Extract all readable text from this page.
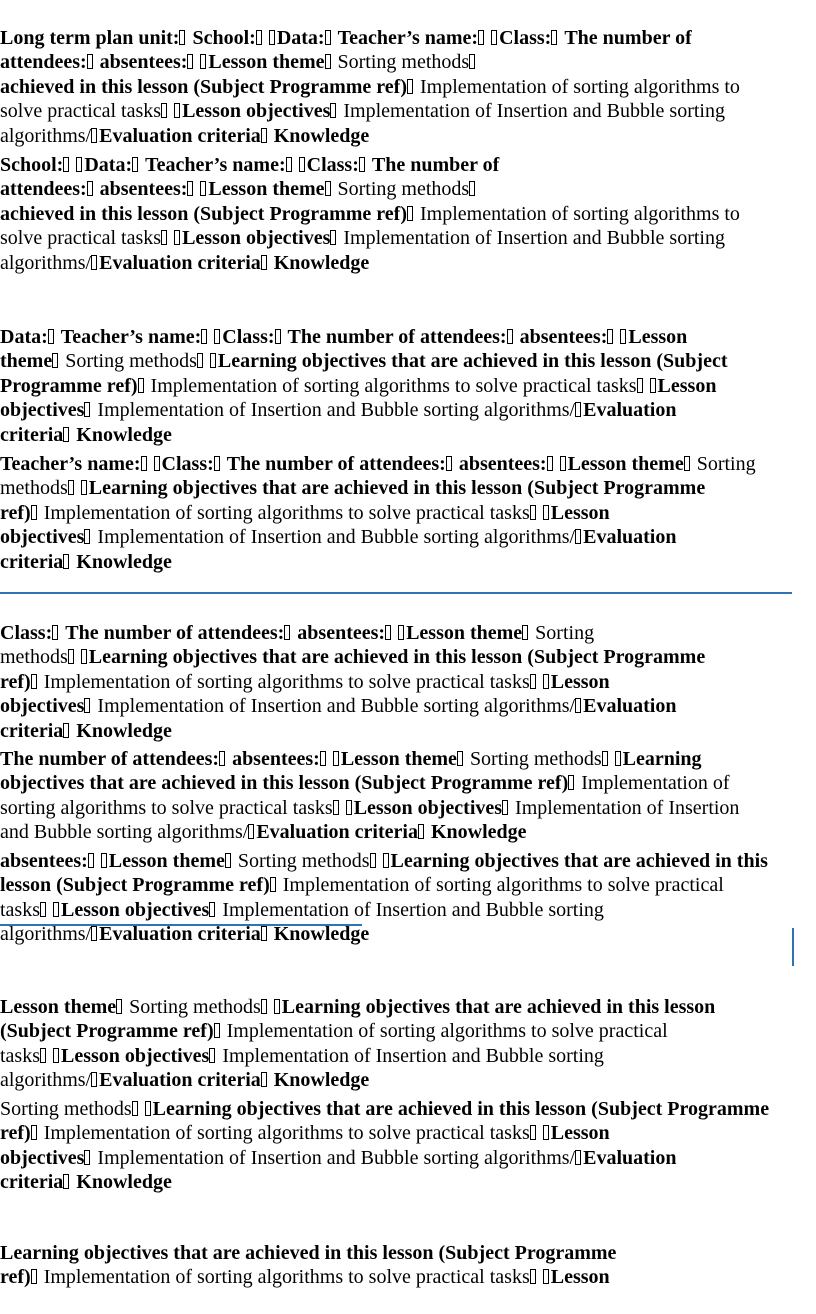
Long term plan unit: School: Data: Teacher’s name: Class: The number of
attendees: absentees: Lesson theme Sorting methods
achieved in this lesson (Subject Programme ref) Implementation of sorting algorithms to
solve practical tasks Lesson objectives Implementation of Insertion and Bubble sorting
algorithms/ Evaluation criteria Knowledge

School: Data: Teacher’s name: Class: The number of
attendees: absentees: Lesson theme Sorting methods
achieved in this lesson (Subject Programme ref) Implementation of sorting algorithms to
solve practical tasks Lesson objectives Implementation of Insertion and Bubble sorting
algorithms/ Evaluation criteria Knowledge

Data: Teacher’s name: Class: The number of attendees: absentees: Lesson
theme Sorting methods Learning objectives that are achieved in this lesson (Subject
Programme ref) Implementation of sorting algorithms to solve practical tasks Lesson
objectives Implementation of Insertion and Bubble sorting algorithms/ Evaluation
criteria Knowledge

Teacher’s name: Class: The number of attendees: absentees: Lesson theme Sorting
methods Learning objectives that are achieved in this lesson (Subject Programme
ref) Implementation of sorting algorithms to solve practical tasks Lesson
objectives Implementation of Insertion and Bubble sorting algorithms/ Evaluation
criteria Knowledge

Class: The number of attendees: absentees: Lesson theme Sorting
methods Learning objectives that are achieved in this lesson (Subject Programme
ref) Implementation of sorting algorithms to solve practical tasks Lesson
objectives Implementation of Insertion and Bubble sorting algorithms/ Evaluation
criteria Knowledge

The number of attendees: absentees: Lesson theme Sorting methods Learning
objectives that are achieved in this lesson (Subject Programme ref) Implementation of
sorting algorithms to solve practical tasks Lesson objectives Implementation of Insertion
and Bubble sorting algorithms/ Evaluation criteria Knowledge

absentees: Lesson theme Sorting methods Learning objectives that are achieved in this
lesson (Subject Programme ref) Implementation of sorting algorithms to solve practical
tasks Lesson objectives Implementation of Insertion and Bubble sorting
algorithms/ Evaluation criteria Knowledge

Lesson theme Sorting methods Learning objectives that are achieved in this lesson
(Subject Programme ref) Implementation of sorting algorithms to solve practical
tasks Lesson objectives Implementation of Insertion and Bubble sorting
algorithms/ Evaluation criteria Knowledge

Sorting methods Learning objectives that are achieved in this lesson (Subject Programme
ref) Implementation of sorting algorithms to solve practical tasks Lesson
objectives Implementation of Insertion and Bubble sorting algorithms/ Evaluation
criteria Knowledge

Learning objectives that are achieved in this lesson (Subject Programme
ref) Implementation of sorting algorithms to solve practical tasks Lesson
